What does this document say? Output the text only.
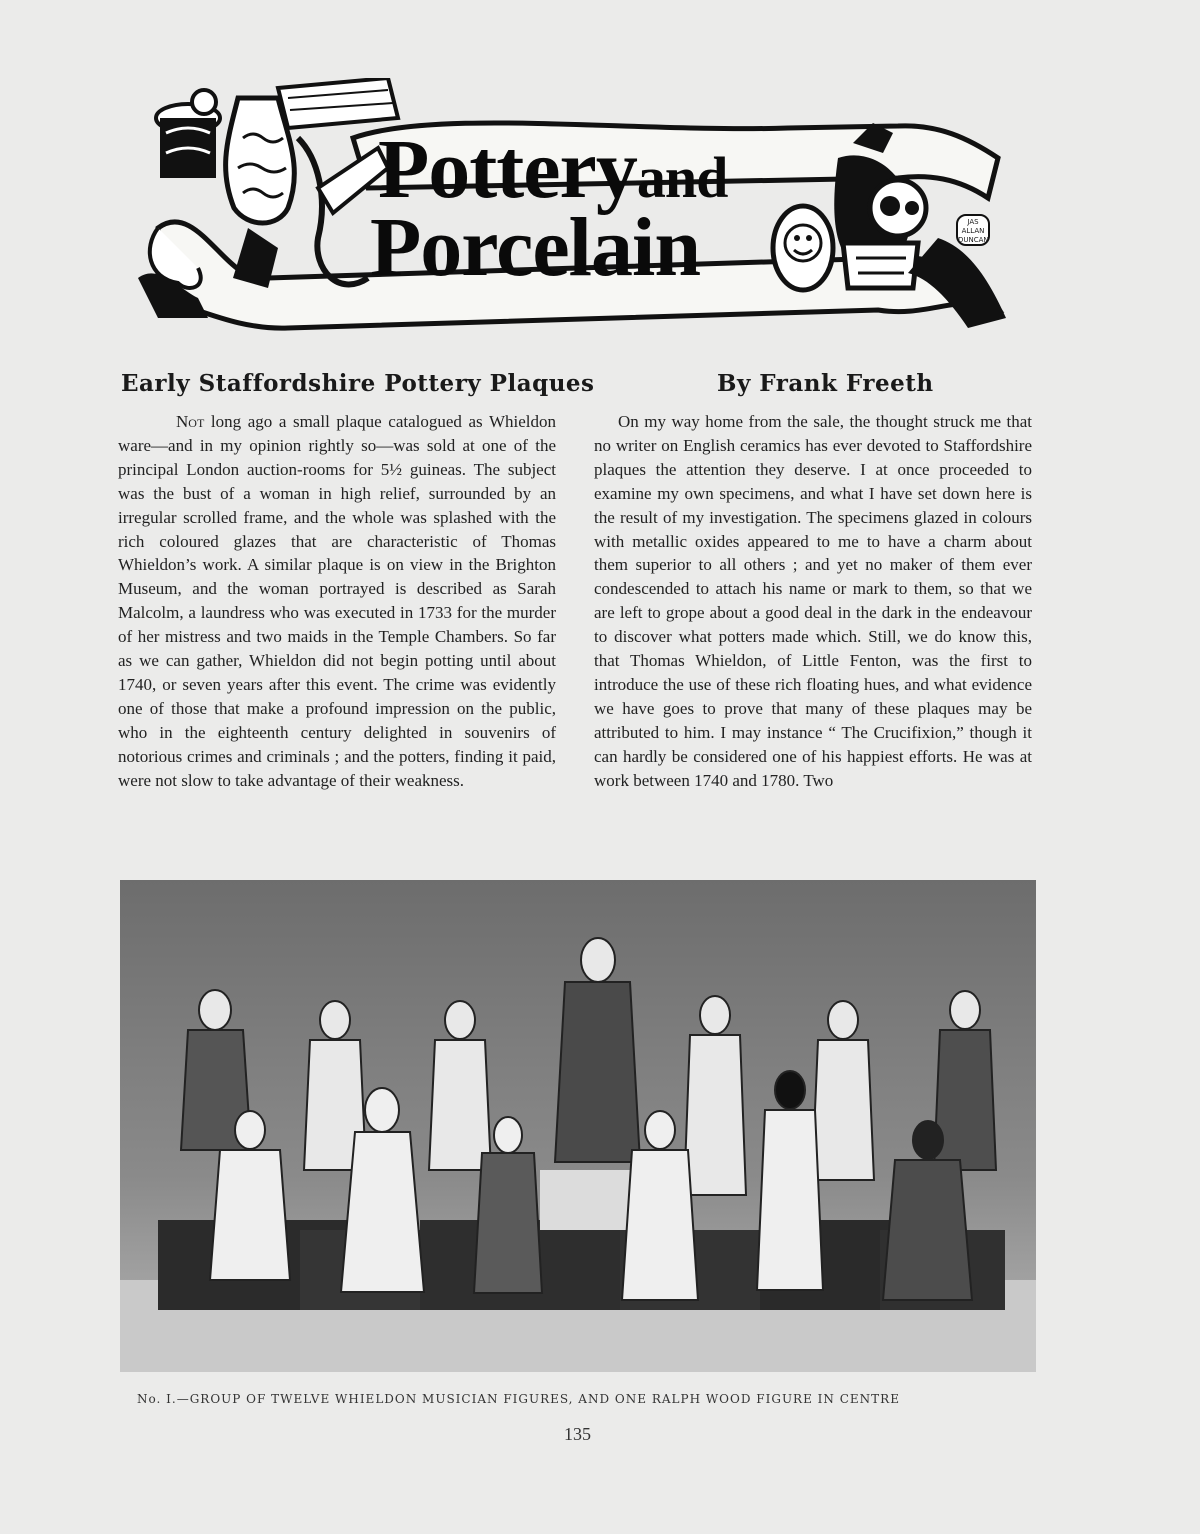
JAS ALLAN DUNCAN
Potteryand
Porcelain
Early Staffordshire Pottery Plaques	By Frank Freeth
Not long ago a small plaque catalogued as Whieldon ware—and in my opinion rightly so—was sold at one of the principal London auction-rooms for 5½ guineas. The subject was the bust of a woman in high relief, surrounded by an irregular scrolled frame, and the whole was splashed with the rich coloured glazes that are characteristic of Thomas Whieldon’s work. A similar plaque is on view in the Brighton Museum, and the woman portrayed is described as Sarah Malcolm, a laundress who was executed in 1733 for the murder of her mistress and two maids in the Temple Chambers. So far as we can gather, Whieldon did not begin potting until about 1740, or seven years after this event. The crime was evidently one of those that make a profound impression on the public, who in the eighteenth century delighted in souvenirs of notorious crimes and criminals ; and the potters, finding it paid, were not slow to take advantage of their weakness.
On my way home from the sale, the thought struck me that no writer on English ceramics has ever devoted to Staffordshire plaques the attention they deserve. I at once proceeded to examine my own specimens, and what I have set down here is the result of my investigation. The specimens glazed in colours with metallic oxides appeared to me to have a charm about them superior to all others ; and yet no maker of them ever condescended to attach his name or mark to them, so that we are left to grope about a good deal in the dark in the endeavour to discover what potters made which. Still, we do know this, that Thomas Whieldon, of Little Fenton, was the first to introduce the use of these rich floating hues, and what evidence we have goes to prove that many of these plaques may be attributed to him. I may instance “ The Crucifixion,” though it can hardly be considered one of his happiest efforts. He was at work between 1740 and 1780. Two
No. I.—GROUP OF TWELVE WHIELDON MUSICIAN FIGURES, AND ONE RALPH WOOD FIGURE IN CENTRE
135
